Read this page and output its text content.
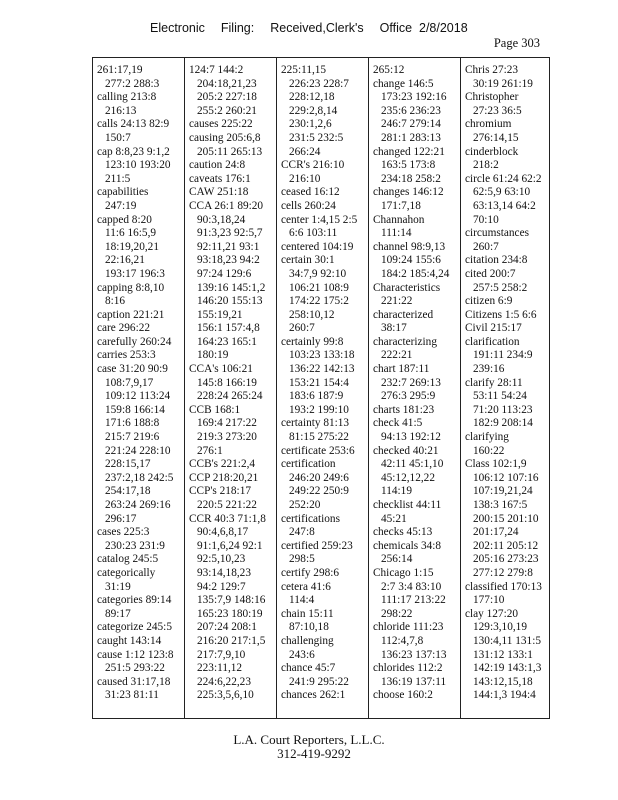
Electronic Filing: Received,Clerk's Office 2/8/2018
Page 303
261:17,19
277:2 288:3
calling 213:8
216:13
calls 24:13 82:9
150:7
cap 8:8,23 9:1,2
123:10 193:20
211:5
capabilities
247:19
capped 8:20
11:6 16:5,9
18:19,20,21
22:16,21
193:17 196:3
capping 8:8,10
8:16
caption 221:21
care 296:22
carefully 260:24
carries 253:3
case 31:20 90:9
108:7,9,17
109:12 113:24
159:8 166:14
171:6 188:8
215:7 219:6
221:24 228:10
228:15,17
237:2,18 242:5
254:17,18
263:24 269:16
296:17
cases 225:3
230:23 231:9
catalog 245:5
categorically
31:19
categories 89:14
89:17
categorize 245:5
caught 143:14
cause 1:12 123:8
251:5 293:22
caused 31:17,18
31:23 81:11
124:7 144:2
204:18,21,23
205:2 227:18
255:2 260:21
causes 225:22
causing 205:6,8
205:11 265:13
caution 24:8
caveats 176:1
CAW 251:18
CCA 26:1 89:20
90:3,18,24
91:3,23 92:5,7
92:11,21 93:1
93:18,23 94:2
97:24 129:6
139:16 145:1,2
146:20 155:13
155:19,21
156:1 157:4,8
164:23 165:1
180:19
CCA's 106:21
145:8 166:19
228:24 265:24
CCB 168:1
169:4 217:22
219:3 273:20
276:1
CCB's 221:2,4
CCP 218:20,21
CCP's 218:17
220:5 221:22
CCR 40:3 71:1,8
90:4,6,8,17
91:1,6,24 92:1
92:5,10,23
93:14,18,23
94:2 129:7
135:7,9 148:16
165:23 180:19
207:24 208:1
216:20 217:1,5
217:7,9,10
223:11,12
224:6,22,23
225:3,5,6,10
225:11,15
226:23 228:7
228:12,18
229:2,8,14
230:1,2,6
231:5 232:5
266:24
CCR's 216:10
216:10
ceased 16:12
cells 260:24
center 1:4,15 2:5
6:6 103:11
centered 104:19
certain 30:1
34:7,9 92:10
106:21 108:9
174:22 175:2
258:10,12
260:7
certainly 99:8
103:23 133:18
136:22 142:13
153:21 154:4
183:6 187:9
193:2 199:10
certainty 81:13
81:15 275:22
certificate 253:6
certification
246:20 249:6
249:22 250:9
252:20
certifications
247:8
certified 259:23
298:5
certify 298:6
cetera 41:6
114:4
chain 15:11
87:10,18
challenging
243:6
chance 45:7
241:9 295:22
chances 262:1
265:12
change 146:5
173:23 192:16
235:6 236:23
246:7 279:14
281:1 283:13
changed 122:21
163:5 173:8
234:18 258:2
changes 146:12
171:7,18
Channahon
111:14
channel 98:9,13
109:24 155:6
184:2 185:4,24
Characteristics
221:22
characterized
38:17
characterizing
222:21
chart 187:11
232:7 269:13
276:3 295:9
charts 181:23
check 41:5
94:13 192:12
checked 40:21
42:11 45:1,10
45:12,12,22
114:19
checklist 44:11
45:21
checks 45:13
chemicals 34:8
256:14
Chicago 1:15
2:7 3:4 83:10
111:17 213:22
298:22
chloride 111:23
112:4,7,8
136:23 137:13
chlorides 112:2
136:19 137:11
choose 160:2
Chris 27:23
30:19 261:19
Christopher
27:23 36:5
chromium
276:14,15
cinderblock
218:2
circle 61:24 62:2
62:5,9 63:10
63:13,14 64:2
70:10
circumstances
260:7
citation 234:8
cited 200:7
257:5 258:2
citizen 6:9
Citizens 1:5 6:6
Civil 215:17
clarification
191:11 234:9
239:16
clarify 28:11
53:11 54:24
71:20 113:23
182:9 208:14
clarifying
160:22
Class 102:1,9
106:12 107:16
107:19,21,24
138:3 167:5
200:15 201:10
201:17,24
202:11 205:12
205:16 273:23
277:12 279:8
classified 170:13
177:10
clay 127:20
129:3,10,19
130:4,11 131:5
131:12 133:1
142:19 143:1,3
143:12,15,18
144:1,3 194:4
L.A. Court Reporters, L.L.C.
312-419-9292
